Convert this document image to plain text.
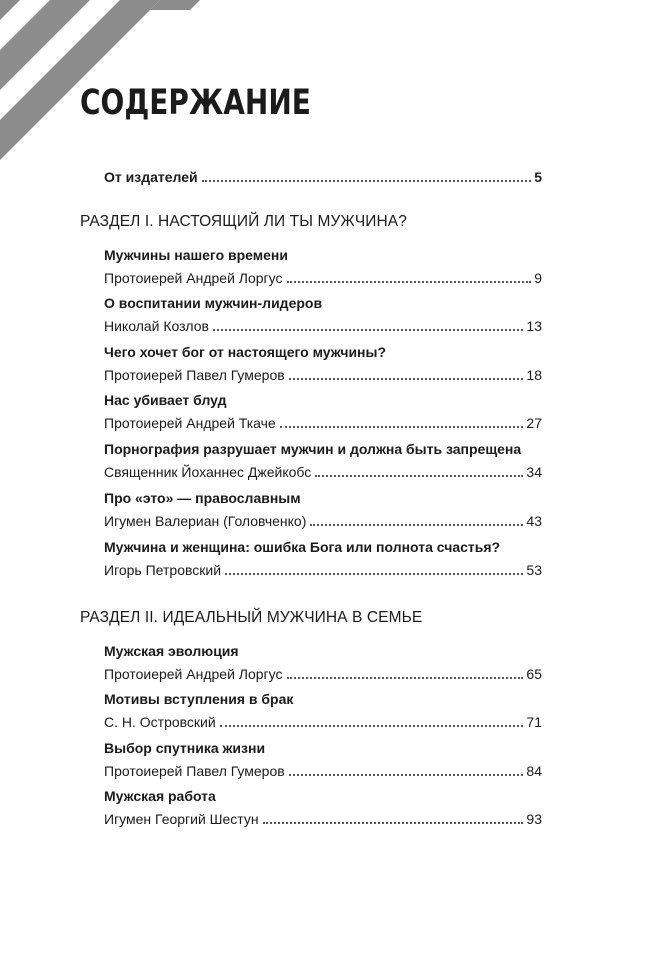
СОДЕРЖАНИЕ
От издателей	5
РАЗДЕЛ I. НАСТОЯЩИЙ ЛИ ТЫ МУЖЧИНА?
Мужчины нашего времени
Протоиерей Андрей Лоргус	9
О воспитании мужчин-лидеров
Николай Козлов	13
Чего хочет бог от настоящего мужчины?
Протоиерей Павел Гумеров	18
Нас убивает блуд
Протоиерей Андрей Ткаче	27
Порнография разрушает мужчин и должна быть запрещена
Священник Йоханнес Джейкобс	34
Про «это» — православным
Игумен Валериан (Головченко)	43
Мужчина и женщина: ошибка Бога или полнота счастья?
Игорь Петровский	53
РАЗДЕЛ II. ИДЕАЛЬНЫЙ МУЖЧИНА В СЕМЬЕ
Мужская эволюция
Протоиерей Андрей Лоргус	65
Мотивы вступления в брак
С. Н. Островский	71
Выбор спутника жизни
Протоиерей Павел Гумеров	84
Мужская работа
Игумен Георгий Шестун	93
